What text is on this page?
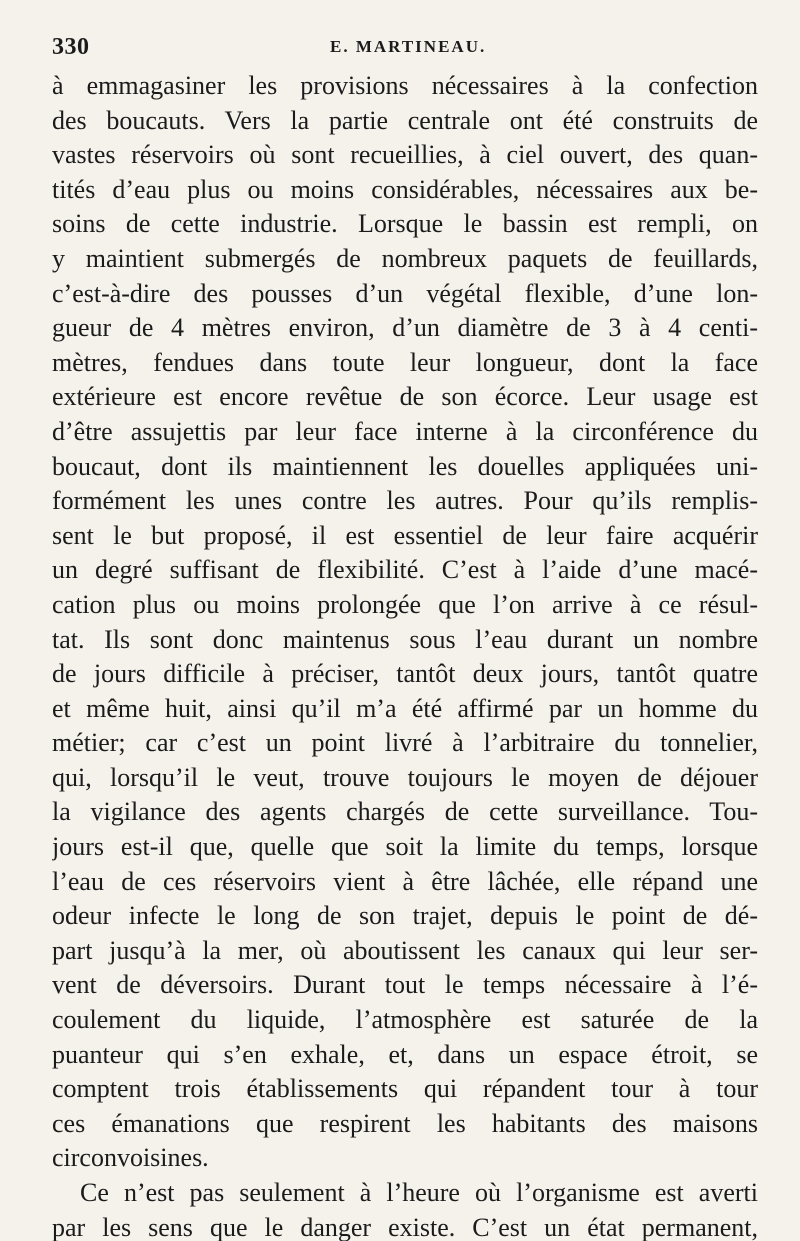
330	E. MARTINEAU.
à emmagasiner les provisions nécessaires à la confection
des boucauts. Vers la partie centrale ont été construits de
vastes réservoirs où sont recueillies, à ciel ouvert, des quan-
tités d’eau plus ou moins considérables, nécessaires aux be-
soins de cette industrie. Lorsque le bassin est rempli, on
y maintient submergés de nombreux paquets de feuillards,
c’est-à-dire des pousses d’un végétal flexible, d’une lon-
gueur de 4 mètres environ, d’un diamètre de 3 à 4 centi-
mètres, fendues dans toute leur longueur, dont la face
extérieure est encore revêtue de son écorce. Leur usage est
d’être assujettis par leur face interne à la circonférence du
boucaut, dont ils maintiennent les douelles appliquées uni-
formément les unes contre les autres. Pour qu’ils remplis-
sent le but proposé, il est essentiel de leur faire acquérir
un degré suffisant de flexibilité. C’est à l’aide d’une macé-
cation plus ou moins prolongée que l’on arrive à ce résul-
tat. Ils sont donc maintenus sous l’eau durant un nombre
de jours difficile à préciser, tantôt deux jours, tantôt quatre
et même huit, ainsi qu’il m’a été affirmé par un homme du
métier; car c’est un point livré à l’arbitraire du tonnelier,
qui, lorsqu’il le veut, trouve toujours le moyen de déjouer
la vigilance des agents chargés de cette surveillance. Tou-
jours est-il que, quelle que soit la limite du temps, lorsque
l’eau de ces réservoirs vient à être lâchée, elle répand une
odeur infecte le long de son trajet, depuis le point de dé-
part jusqu’à la mer, où aboutissent les canaux qui leur ser-
vent de déversoirs. Durant tout le temps nécessaire à l’é-
coulement du liquide, l’atmosphère est saturée de la
puanteur qui s’en exhale, et, dans un espace étroit, se
comptent trois établissements qui répandent tour à tour
ces émanations que respirent les habitants des maisons
circonvoisines.
Ce n’est pas seulement à l’heure où l’organisme est averti
par les sens que le danger existe. C’est un état permanent,
